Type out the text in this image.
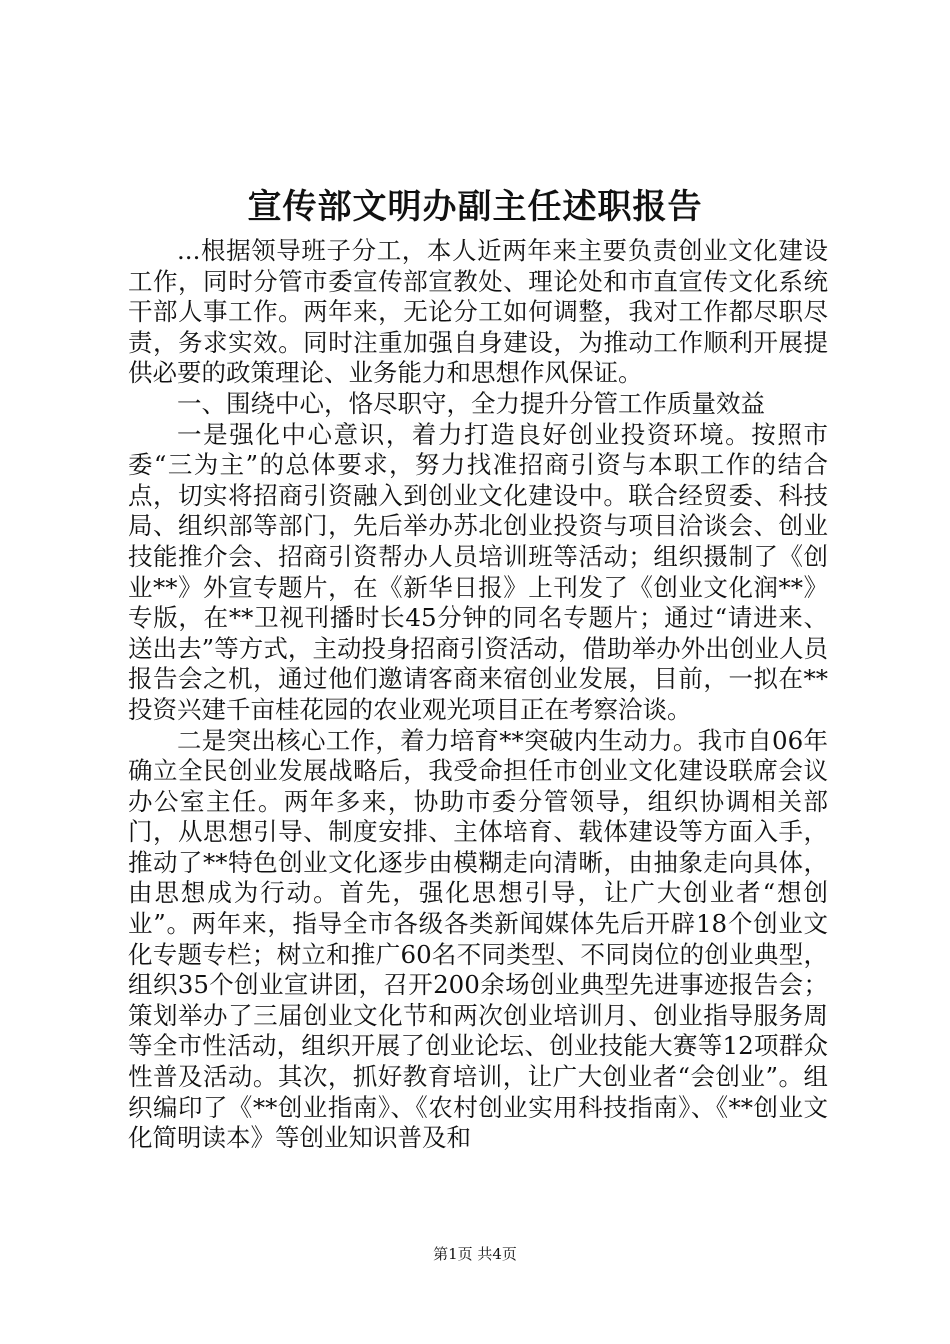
宣传部文明办副主任述职报告

...根据领导班子分工，本人近两年来主要负责创业文化建设工作，同时分管市委宣传部宣教处、理论处和市直宣传文化系统干部人事工作。两年来，无论分工如何调整，我对工作都尽职尽责，务求实效。同时注重加强自身建设，为推动工作顺利开展提供必要的政策理论、业务能力和思想作风保证。

一、围绕中心，恪尽职守，全力提升分管工作质量效益

一是强化中心意识，着力打造良好创业投资环境。按照市委“三为主”的总体要求，努力找准招商引资与本职工作的结合点，切实将招商引资融入到创业文化建设中。联合经贸委、科技局、组织部等部门，先后举办苏北创业投资与项目洽谈会、创业技能推介会、招商引资帮办人员培训班等活动；组织摄制了《创业**》外宣专题片，在《新华日报》上刊发了《创业文化润**》专版，在**卫视刊播时长45分钟的同名专题片；通过“请进来、送出去”等方式，主动投身招商引资活动，借助举办外出创业人员报告会之机，通过他们邀请客商来宿创业发展，目前，一拟在**投资兴建千亩桂花园的农业观光项目正在考察洽谈。

二是突出核心工作，着力培育**突破内生动力。我市自06年确立全民创业发展战略后，我受命担任市创业文化建设联席会议办公室主任。两年多来，协助市委分管领导，组织协调相关部门，从思想引导、制度安排、主体培育、载体建设等方面入手，推动了**特色创业文化逐步由模糊走向清晰，由抽象走向具体，由思想成为行动。首先，强化思想引导，让广大创业者“想创业”。两年来，指导全市各级各类新闻媒体先后开辟18个创业文化专题专栏；树立和推广60名不同类型、不同岗位的创业典型，组织35个创业宣讲团，召开200余场创业典型先进事迹报告会；策划举办了三届创业文化节和两次创业培训月、创业指导服务周等全市性活动，组织开展了创业论坛、创业技能大赛等12项群众性普及活动。其次，抓好教育培训，让广大创业者“会创业”。组织编印了《**创业指南》、《农村创业实用科技指南》、《**创业文化简明读本》等创业知识普及和

第1页 共4页
